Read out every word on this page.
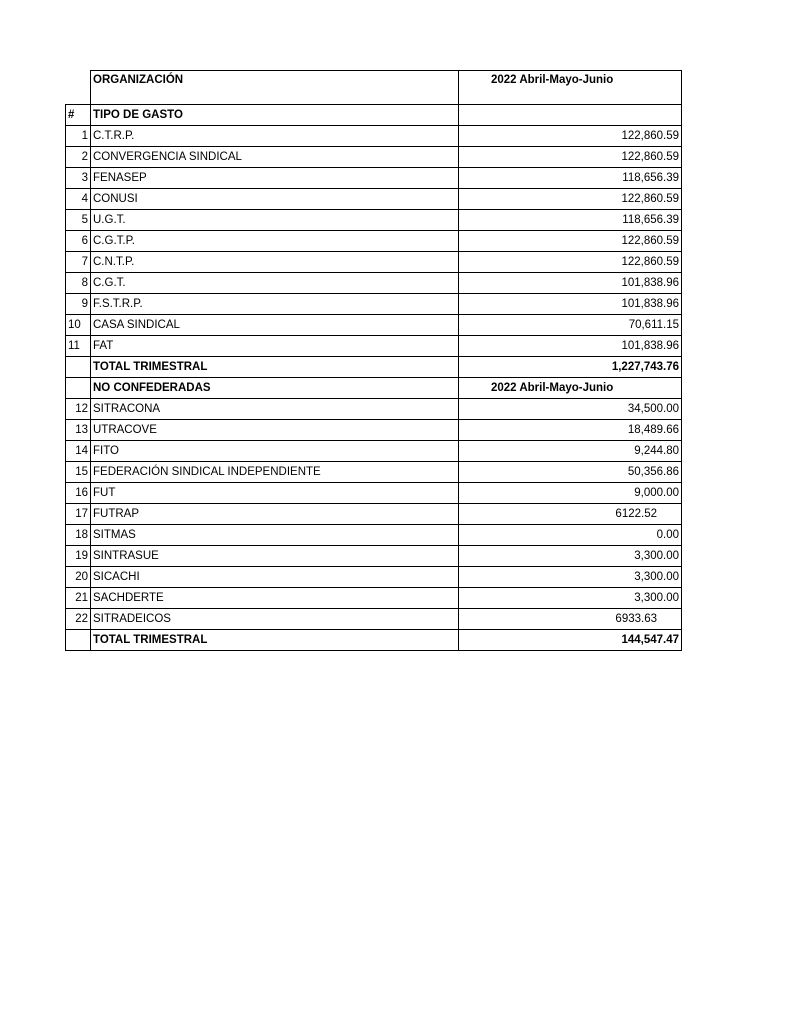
	ORGANIZACIÓN	2022 Abril-Mayo-Junio
#	TIPO DE GASTO	
1	C.T.R.P.	122,860.59
2	CONVERGENCIA SINDICAL	122,860.59
3	FENASEP	118,656.39
4	CONUSI	122,860.59
5	U.G.T.	118,656.39
6	C.G.T.P.	122,860.59
7	C.N.T.P.	122,860.59
8	C.G.T.	101,838.96
9	F.S.T.R.P.	101,838.96
10	CASA SINDICAL	70,611.15
11	FAT	101,838.96
	TOTAL TRIMESTRAL	1,227,743.76
	NO CONFEDERADAS	2022 Abril-Mayo-Junio
12	SITRACONA	34,500.00
13	UTRACOVE	18,489.66
14	FITO	9,244.80
15	FEDERACIÓN SINDICAL INDEPENDIENTE	50,356.86
16	FUT	9,000.00
17	FUTRAP	6122.52
18	SITMAS	0.00
19	SINTRASUE	3,300.00
20	SICACHI	3,300.00
21	SACHDERTE	3,300.00
22	SITRADEICOS	6933.63
	TOTAL TRIMESTRAL	144,547.47
